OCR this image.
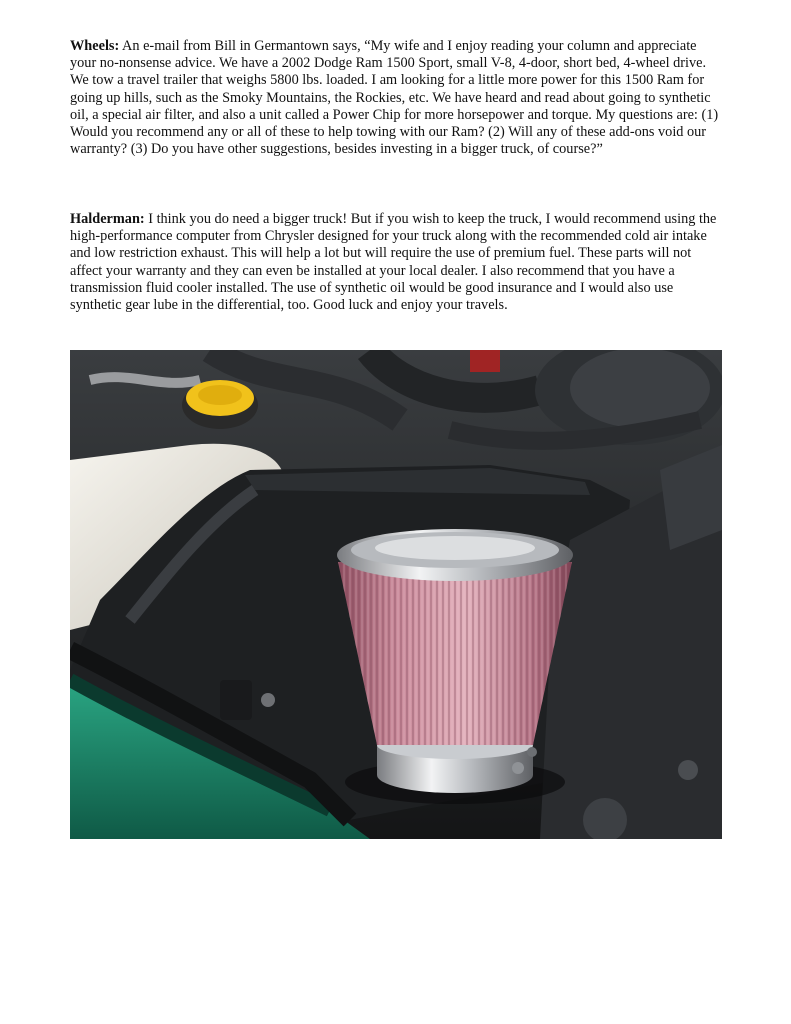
Wheels: An e-mail from Bill in Germantown says, “My wife and I enjoy reading your column and appreciate your no-nonsense advice. We have a 2002 Dodge Ram 1500 Sport, small V-8, 4-door, short bed, 4-wheel drive. We tow a travel trailer that weighs 5800 lbs. loaded. I am looking for a little more power for this 1500 Ram for going up hills, such as the Smoky Mountains, the Rockies, etc. We have heard and read about going to synthetic oil, a special air filter, and also a unit called a Power Chip for more horsepower and torque. My questions are: (1) Would you recommend any or all of these to help towing with our Ram? (2) Will any of these add-ons void our warranty? (3) Do you have other suggestions, besides investing in a bigger truck, of course?”

Halderman: I think you do need a bigger truck! But if you wish to keep the truck, I would recommend using the high-performance computer from Chrysler designed for your truck along with the recommended cold air intake and low restriction exhaust. This will help a lot but will require the use of premium fuel. These parts will not affect your warranty and they can even be installed at your local dealer. I also recommend that you have a transmission fluid cooler installed. The use of synthetic oil would be good insurance and I would also use synthetic gear lube in the differential, too. Good luck and enjoy your travels.
